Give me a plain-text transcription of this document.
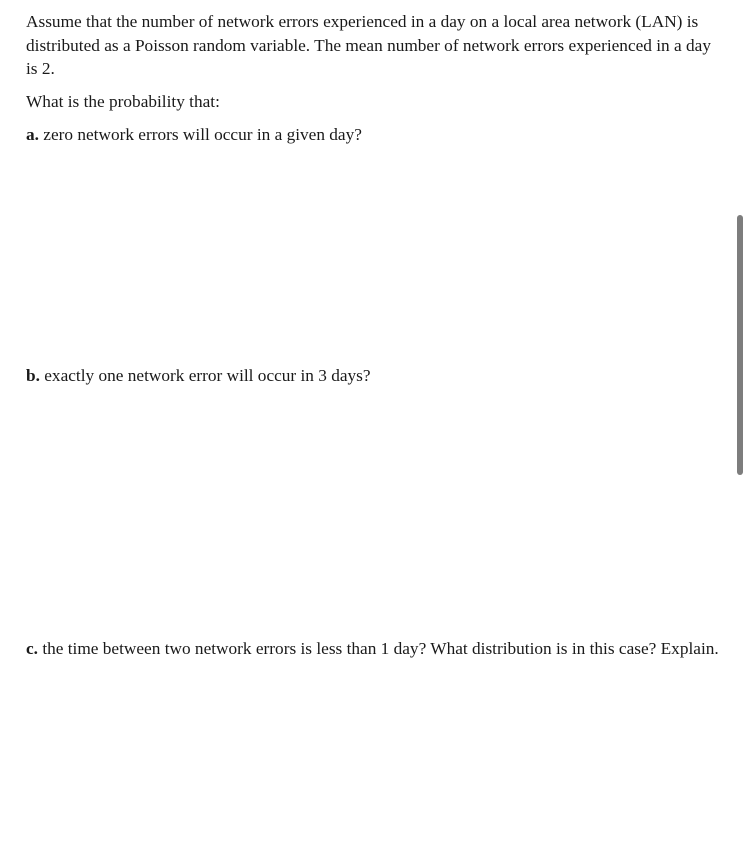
Assume that the number of network errors experienced in a day on a local area network (LAN) is distributed as a Poisson random variable. The mean number of network errors experienced in a day is 2.

What is the probability that:

a. zero network errors will occur in a given day?

b. exactly one network error will occur in 3 days?

c. the time between two network errors is less than 1 day? What distribution is in this case? Explain.
